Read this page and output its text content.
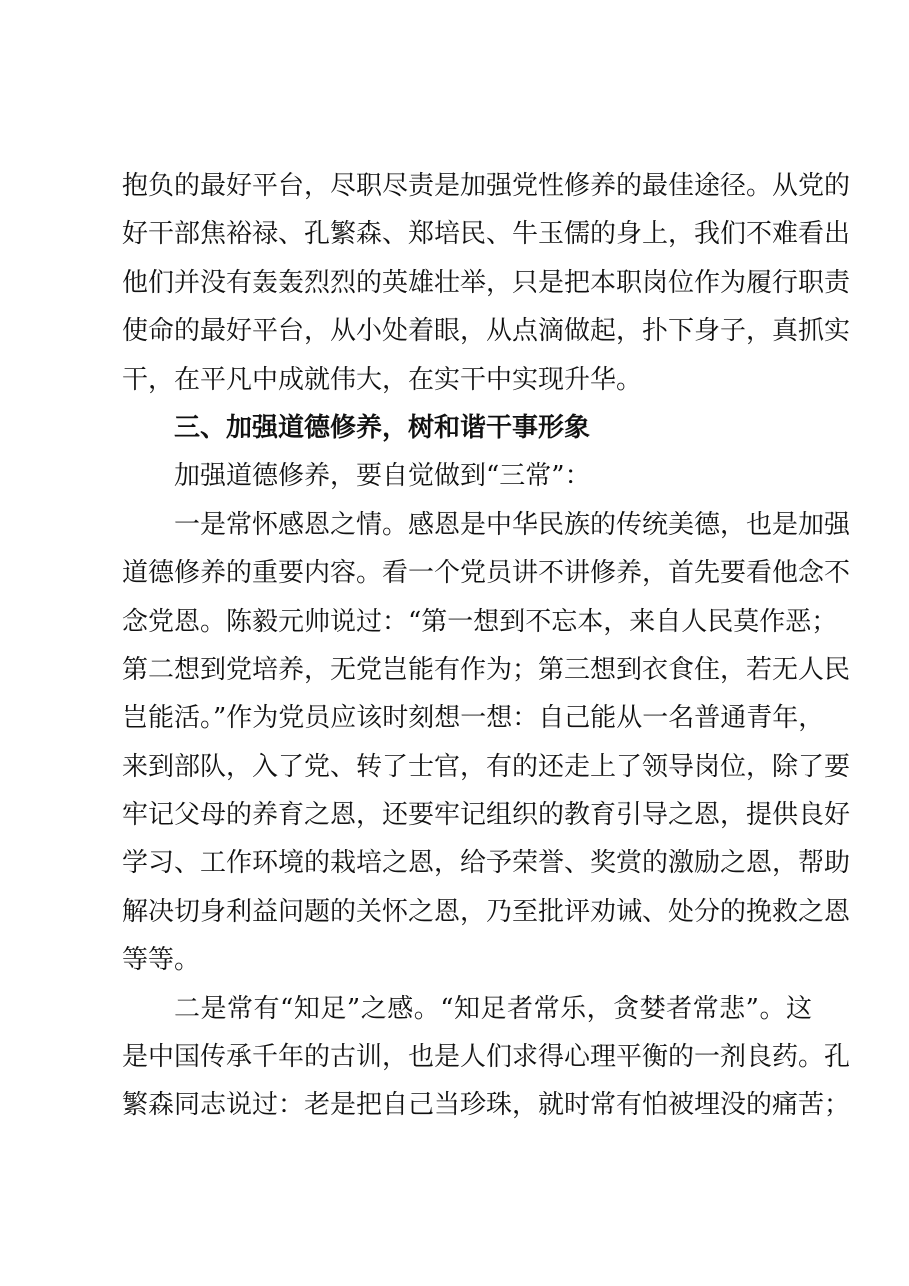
抱负的最好平台，尽职尽责是加强党性修养的最佳途径。从党的
好干部焦裕禄、孔繁森、郑培民、牛玉儒的身上，我们不难看出
他们并没有轰轰烈烈的英雄壮举，只是把本职岗位作为履行职责
使命的最好平台，从小处着眼，从点滴做起，扑下身子，真抓实
干，在平凡中成就伟大，在实干中实现升华。
三、加强道德修养，树和谐干事形象
加强道德修养，要自觉做到“三常”：
一是常怀感恩之情。感恩是中华民族的传统美德，也是加强
道德修养的重要内容。看一个党员讲不讲修养，首先要看他念不
念党恩。陈毅元帅说过：“第一想到不忘本，来自人民莫作恶；
第二想到党培养，无党岂能有作为；第三想到衣食住，若无人民
岂能活。”作为党员应该时刻想一想：自己能从一名普通青年，
来到部队，入了党、转了士官，有的还走上了领导岗位，除了要
牢记父母的养育之恩，还要牢记组织的教育引导之恩，提供良好
学习、工作环境的栽培之恩，给予荣誉、奖赏的激励之恩，帮助
解决切身利益问题的关怀之恩，乃至批评劝诫、处分的挽救之恩
等等。
二是常有“知足”之感。“知足者常乐，贪婪者常悲”。这
是中国传承千年的古训，也是人们求得心理平衡的一剂良药。孔
繁森同志说过：老是把自己当珍珠，就时常有怕被埋没的痛苦；
